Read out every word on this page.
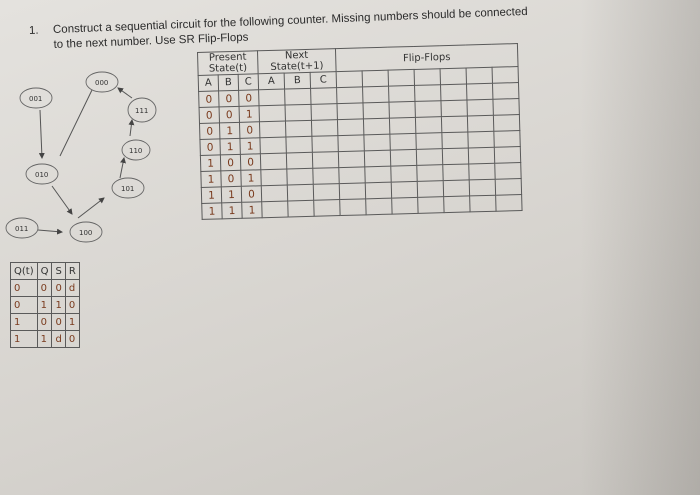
1. Construct a sequential circuit for the following counter. Missing numbers should be connected
to the next number. Use SR Flip-Flops
000
001
010
011	100
101
110
111
Present State(t)			Next State(t+1)			Flip-Flops						
A	B	C	A	B	C							
0	0	0										
0	0	1										
0	1	0										
0	1	1										
1	0	0										
1	0	1										
1	1	0										
1	1	1										
Q(t)	Q	S	R
0	0	0	d
0	1	1	0
1	0	0	1
1	1	d	0
